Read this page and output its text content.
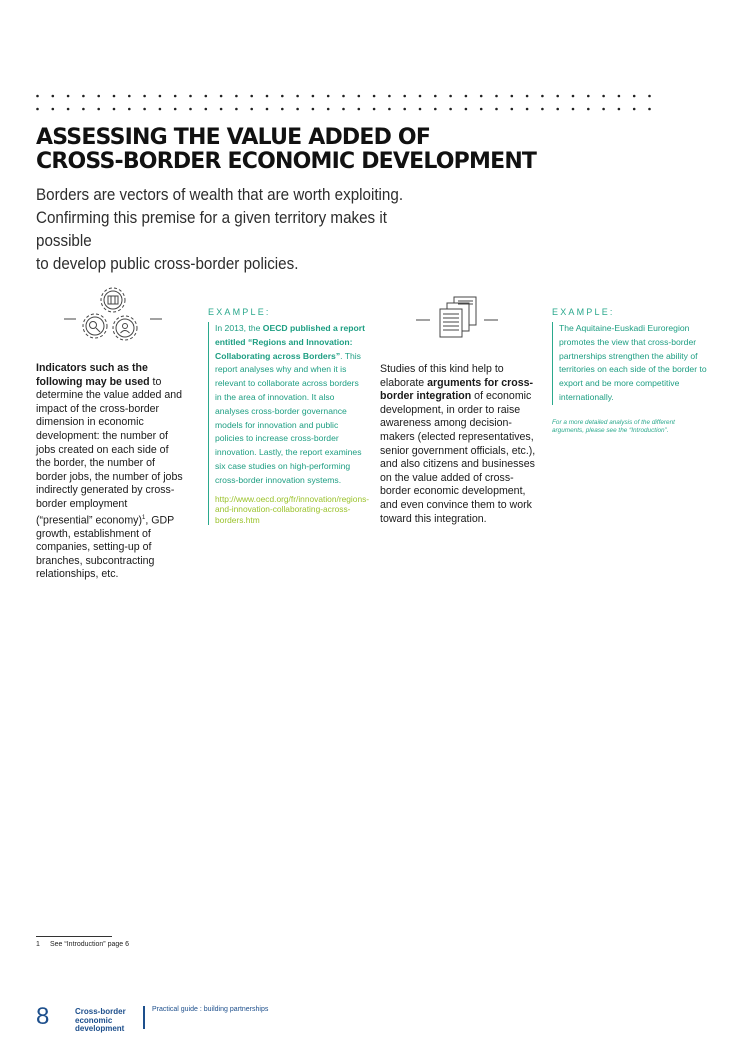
ASSESSING THE VALUE ADDED OF
CROSS-BORDER ECONOMIC DEVELOPMENT

Borders are vectors of wealth that are worth exploiting.
Confirming this premise for a given territory makes it possible
to develop public cross-border policies.

Indicators such as the following may be used to determine the value added and impact of the cross-border dimension in economic development: the number of jobs created on each side of the border, the number of border jobs, the number of jobs indirectly generated by cross-border employment (“presential” economy)$^1$, GDP growth, establishment of companies, setting-up of branches, subcontracting relationships, etc.

EXAMPLE:

In 2013, the OECD published a report entitled “Regions and Innovation: Collaborating across Borders”. This report analyses why and when it is relevant to collaborate across borders in the area of innovation. It also analyses cross-border governance models for innovation and public policies to increase cross-border innovation. Lastly, the report examines six case studies on high-performing cross-border innovation systems.

http://www.oecd.org/fr/innovation/regions-and-innovation-collaborating-across-borders.htm

Studies of this kind help to elaborate arguments for cross-border integration of economic development, in order to raise awareness among decision-makers (elected representatives, senior government officials, etc.), and also citizens and businesses on the value added of cross-border economic development, and even convince them to work toward this integration.

EXAMPLE:

The Aquitaine-Euskadi Euroregion promotes the view that cross-border partnerships strengthen the ability of territories on each side of the border to export and be more competitive internationally.

For a more detailed analysis of the different arguments, please see the “Introduction”.

1 See “Introduction” page 6

8	Cross-border
economic
development

Practical guide : building partnerships
